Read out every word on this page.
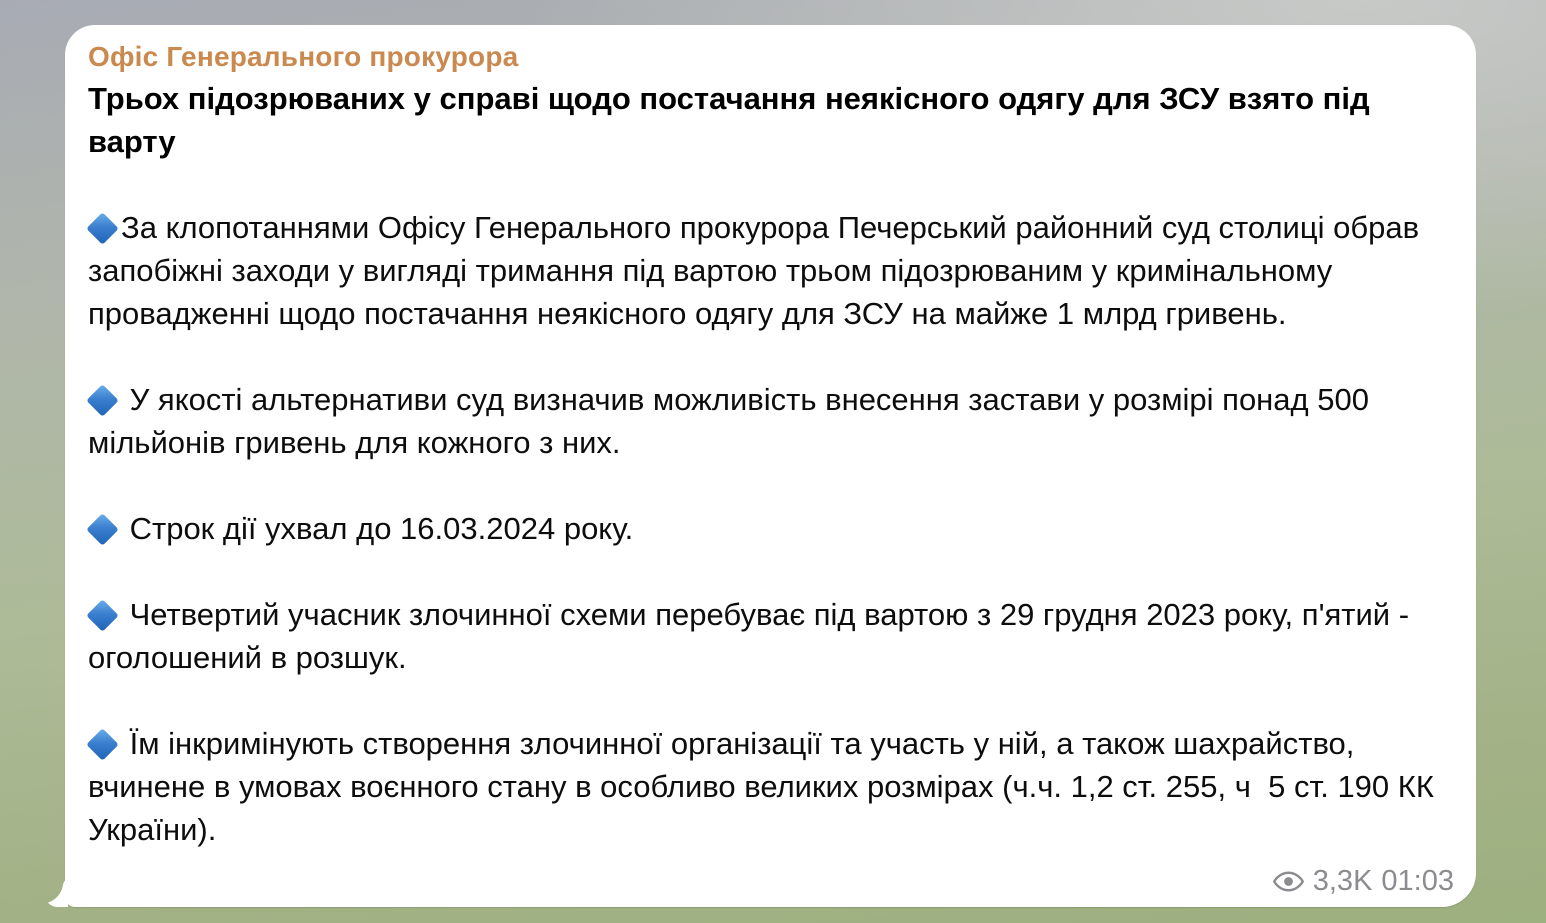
Офіс Генерального прокурора
Трьох підозрюваних у справі щодо постачання неякісного одягу для ЗСУ взято під варту
За клопотаннями Офісу Генерального прокурора Печерський районний суд столиці обрав запобіжні заходи у вигляді тримання під вартою трьом підозрюваним у кримінальному провадженні щодо постачання неякісного одягу для ЗСУ на майже 1 млрд гривень.
У якості альтернативи суд визначив можливість внесення застави у розмірі понад 500 мільйонів гривень для кожного з них.
Строк дії ухвал до 16.03.2024 року.
Четвертий учасник злочинної схеми перебуває під вартою з 29 грудня 2023 року, п'ятий - оголошений в розшук.
Їм інкримінують створення злочинної організації та участь у ній, а також шахрайство, вчинене в умовах воєнного стану в особливо великих розмірах (ч.ч. 1,2 ст. 255, ч  5 ст. 190 КК України).
3,3K 01:03
